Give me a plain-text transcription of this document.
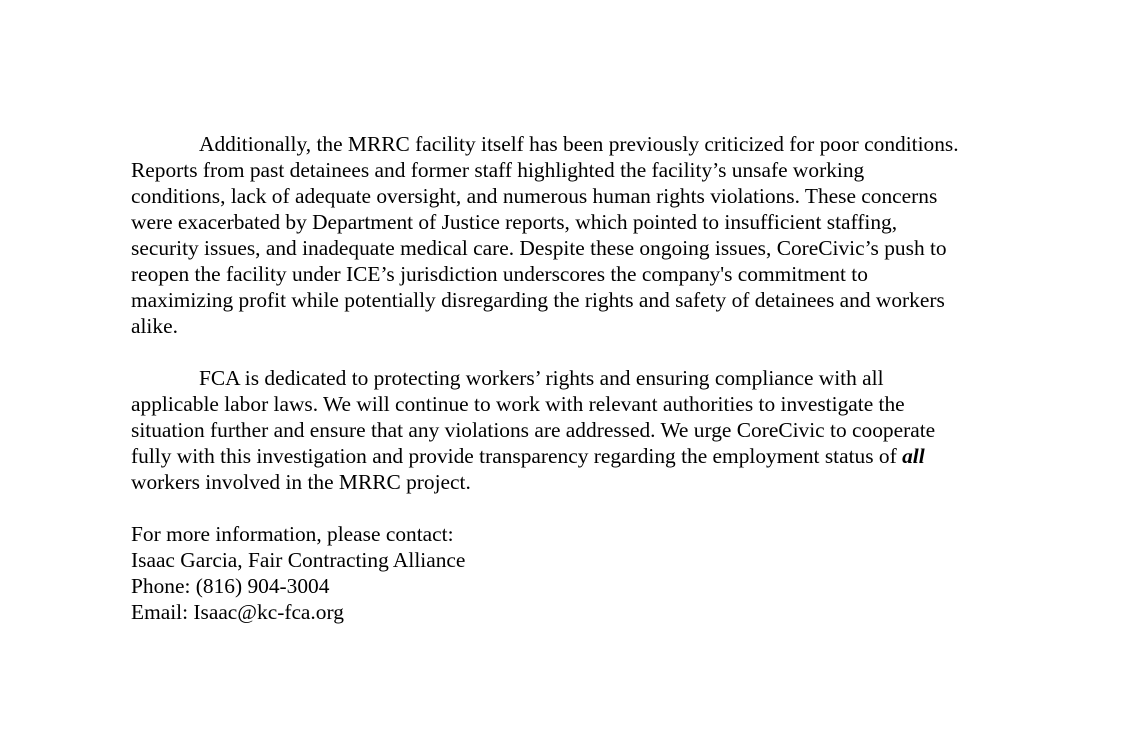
Additionally, the MRRC facility itself has been previously criticized for poor conditions.
Reports from past detainees and former staff highlighted the facility’s unsafe working
conditions, lack of adequate oversight, and numerous human rights violations. These concerns
were exacerbated by Department of Justice reports, which pointed to insufficient staffing,
security issues, and inadequate medical care. Despite these ongoing issues, CoreCivic’s push to
reopen the facility under ICE’s jurisdiction underscores the company's commitment to
maximizing profit while potentially disregarding the rights and safety of detainees and workers
alike.
FCA is dedicated to protecting workers’ rights and ensuring compliance with all
applicable labor laws. We will continue to work with relevant authorities to investigate the
situation further and ensure that any violations are addressed. We urge CoreCivic to cooperate
fully with this investigation and provide transparency regarding the employment status of all
workers involved in the MRRC project.
For more information, please contact:
Isaac Garcia, Fair Contracting Alliance
Phone: (816) 904-3004
Email: Isaac@kc-fca.org
